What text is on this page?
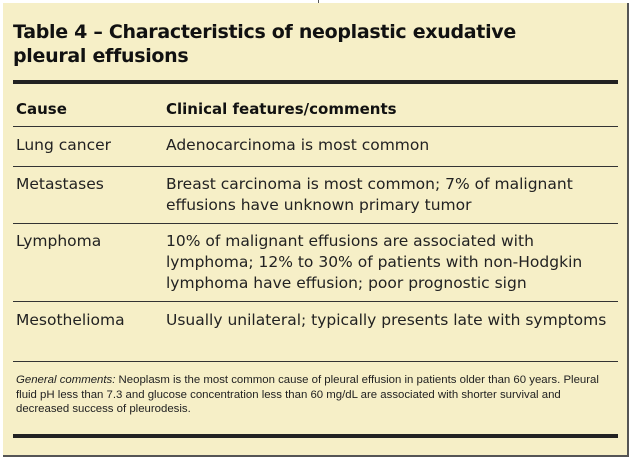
Table 4 – Characteristics of neoplastic exudative pleural effusions
Cause	Clinical features/comments
Lung cancer	Adenocarcinoma is most common
Metastases	Breast carcinoma is most common; 7% of malignant effusions have unknown primary tumor
Lymphoma	10% of malignant effusions are associated with lymphoma; 12% to 30% of patients with non-Hodgkin lymphoma have effusion; poor prognostic sign
Mesothelioma	Usually unilateral; typically presents late with symptoms

General comments: Neoplasm is the most common cause of pleural effusion in patients older than 60 years. Pleural fluid pH less than 7.3 and glucose concentration less than 60 mg/dL are associated with shorter survival and decreased success of pleurodesis.
